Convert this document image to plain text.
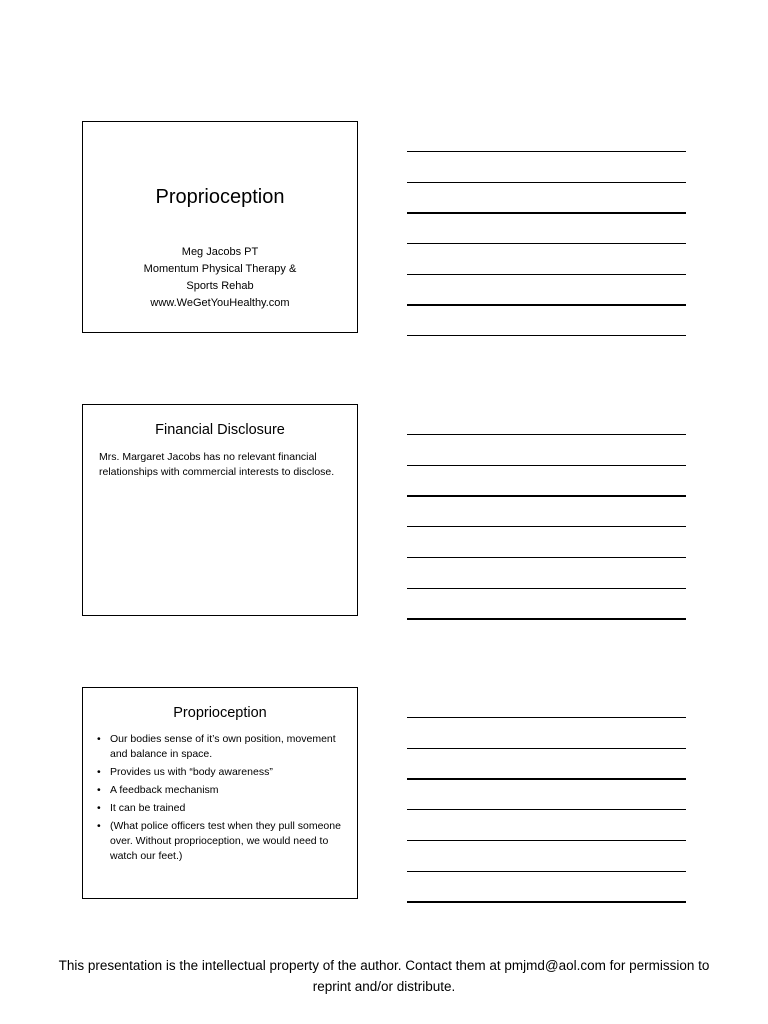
Proprioception
Meg Jacobs PT
Momentum Physical Therapy &
Sports Rehab
www.WeGetYouHealthy.com
Financial Disclosure
Mrs. Margaret Jacobs has no relevant financial relationships with commercial interests to disclose.
Proprioception
• Our bodies sense of it’s own position, movement and balance in space.
• Provides us with “body awareness”
• A feedback mechanism
• It can be trained
• (What police officers test when they pull someone over. Without proprioception, we would need to watch our feet.)
This presentation is the intellectual property of the author. Contact them at pmjmd@aol.com for permission to reprint and/or distribute.
